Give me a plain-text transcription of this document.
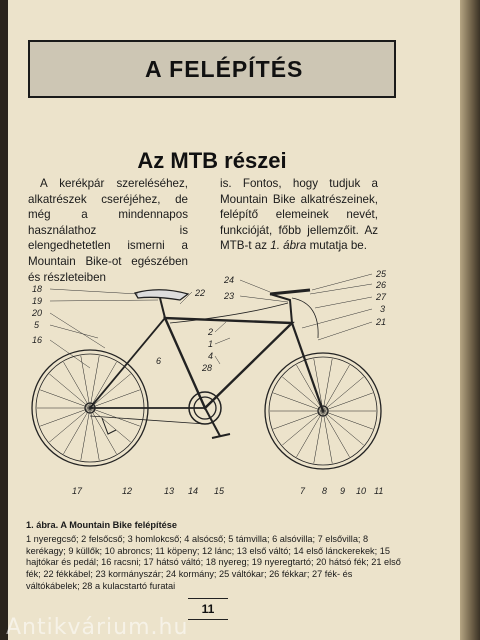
A FELÉPÍTÉS
Az MTB részei
A kerékpár szereléséhez, alkatrészek cseréjéhez, de még a mindennapos használathoz is elengedhetetlen ismerni a Mountain Bike-ot egészében és részleteiben
is. Fontos, hogy tudjuk a Mountain Bike alkatrészeinek, felépítő elemeinek nevét, funkcióját, főbb jellemzőit. Az MTB-t az 1. ábra mutatja be.
18
19
20
5
16
22
2
1
6	4
28
24
23
25
26
27
3
21
17	12	13 14 15	7 8 9 10 11
1. ábra. A Mountain Bike felépítése
1 nyeregcső; 2 felsőcső; 3 homlokcső; 4 alsócső; 5 támvilla; 6 alsóvilla; 7 elsővilla; 8 kerékagy; 9 küllők; 10 abroncs; 11 köpeny; 12 lánc; 13 első váltó; 14 első lánckerekek; 15 hajtókar és pedál; 16 racsni; 17 hátsó váltó; 18 nyereg; 19 nyeregtartó; 20 hátsó fék; 21 első fék; 22 fékkábel; 23 kormányszár; 24 kormány; 25 váltókar; 26 fékkar; 27 fék- és váltókábelek; 28 a kulacstartó furatai
11
Antikvárium.hu
